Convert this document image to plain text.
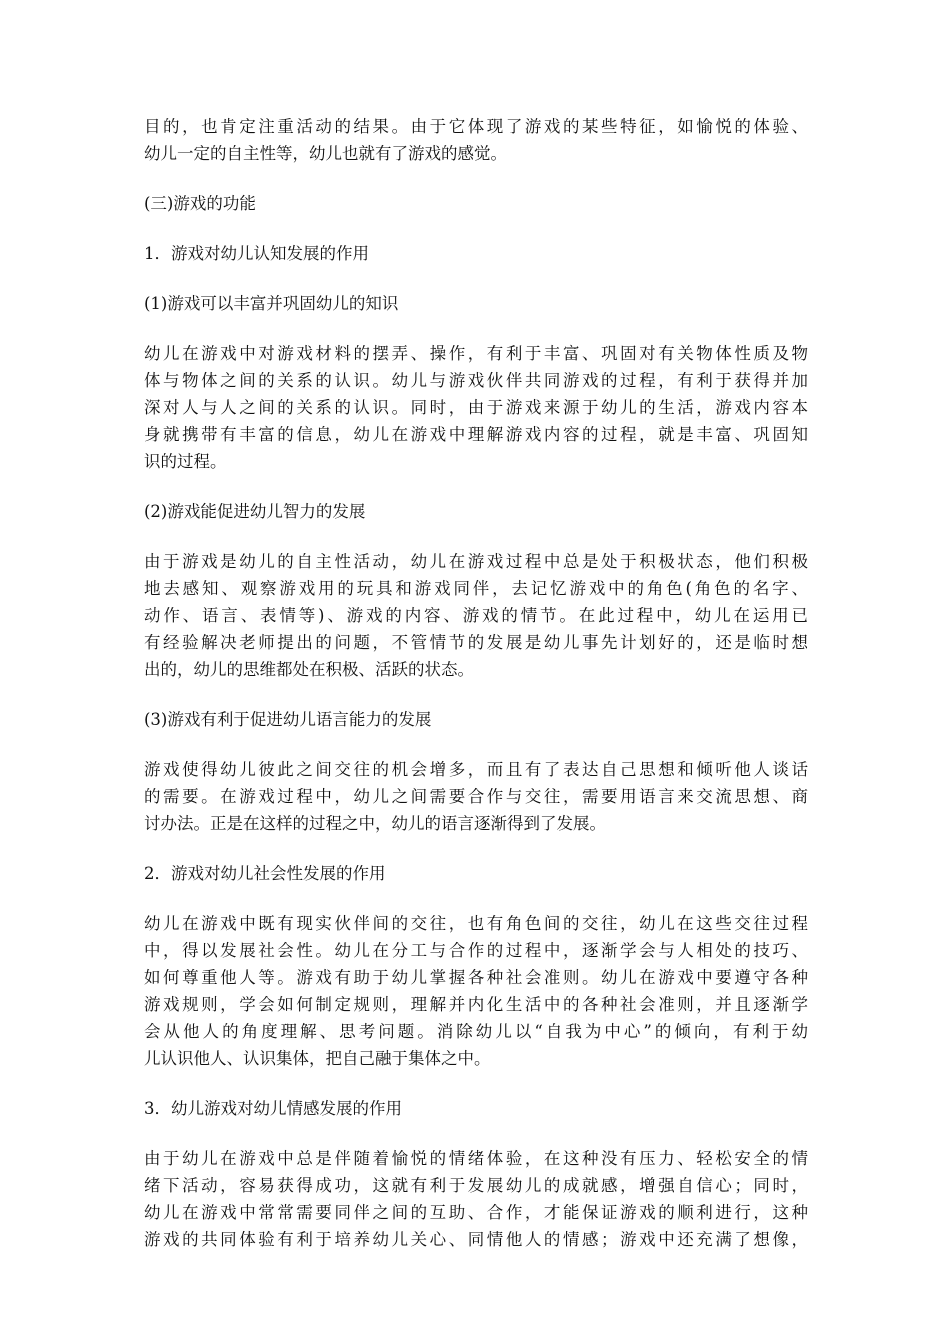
目的，也肯定注重活动的结果。由于它体现了游戏的某些特征，如愉悦的体验、
幼儿一定的自主性等，幼儿也就有了游戏的感觉。

(三)游戏的功能

1．游戏对幼儿认知发展的作用

(1)游戏可以丰富并巩固幼儿的知识

幼儿在游戏中对游戏材料的摆弄、操作，有利于丰富、巩固对有关物体性质及物
体与物体之间的关系的认识。幼儿与游戏伙伴共同游戏的过程，有利于获得并加
深对人与人之间的关系的认识。同时，由于游戏来源于幼儿的生活，游戏内容本
身就携带有丰富的信息，幼儿在游戏中理解游戏内容的过程，就是丰富、巩固知
识的过程。

(2)游戏能促进幼儿智力的发展

由于游戏是幼儿的自主性活动，幼儿在游戏过程中总是处于积极状态，他们积极
地去感知、观察游戏用的玩具和游戏同伴，去记忆游戏中的角色(角色的名字、
动作、语言、表情等)、游戏的内容、游戏的情节。在此过程中，幼儿在运用已
有经验解决老师提出的问题，不管情节的发展是幼儿事先计划好的，还是临时想
出的，幼儿的思维都处在积极、活跃的状态。

(3)游戏有利于促进幼儿语言能力的发展

游戏使得幼儿彼此之间交往的机会增多，而且有了表达自己思想和倾听他人谈话
的需要。在游戏过程中，幼儿之间需要合作与交往，需要用语言来交流思想、商
讨办法。正是在这样的过程之中，幼儿的语言逐渐得到了发展。

2．游戏对幼儿社会性发展的作用

幼儿在游戏中既有现实伙伴间的交往，也有角色间的交往，幼儿在这些交往过程
中，得以发展社会性。幼儿在分工与合作的过程中，逐渐学会与人相处的技巧、
如何尊重他人等。游戏有助于幼儿掌握各种社会准则。幼儿在游戏中要遵守各种
游戏规则，学会如何制定规则，理解并内化生活中的各种社会准则，并且逐渐学
会从他人的角度理解、思考问题。消除幼儿以“自我为中心”的倾向，有利于幼
儿认识他人、认识集体，把自己融于集体之中。

3．幼儿游戏对幼儿情感发展的作用

由于幼儿在游戏中总是伴随着愉悦的情绪体验，在这种没有压力、轻松安全的情
绪下活动，容易获得成功，这就有利于发展幼儿的成就感，增强自信心；同时，
幼儿在游戏中常常需要同伴之间的互助、合作，才能保证游戏的顺利进行，这种
游戏的共同体验有利于培养幼儿关心、同情他人的情感；游戏中还充满了想像，
